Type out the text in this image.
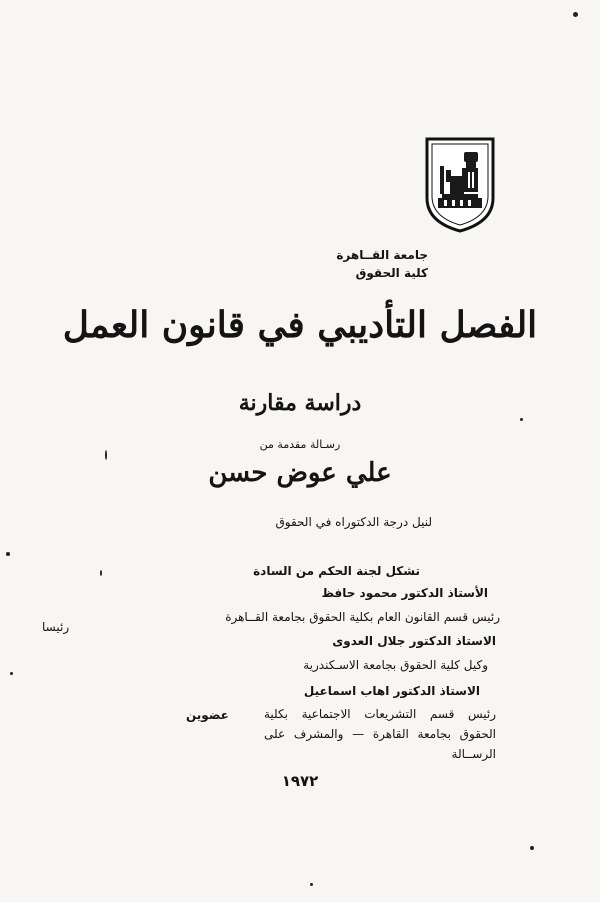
جامعة القــاهرة
كلية الحقوق
الفصل التأديبي في قانون العمل
دراسة مقارنة
رسـالة مقدمة من
علي عوض حسن
لنيل درجة الدكتوراه في الحقوق
تشكل لجنة الحكم من السادة
الأستاذ الدكتور محمود حافظ
رئيس قسم القانون العام بكلية الحقوق بجامعة القــاهرة
رئيسا
الاستاذ الدكتور جلال العدوى
وكيل كلية الحقوق بجامعة الاسـكندرية
الاستاذ الدكتور اهاب اسماعيل
رئيس قسم التشريعات الاجتماعية بكلية الحقوق بجامعة القاهرة — والمشرف على الرســالة
عضوين
١٩٧٢
